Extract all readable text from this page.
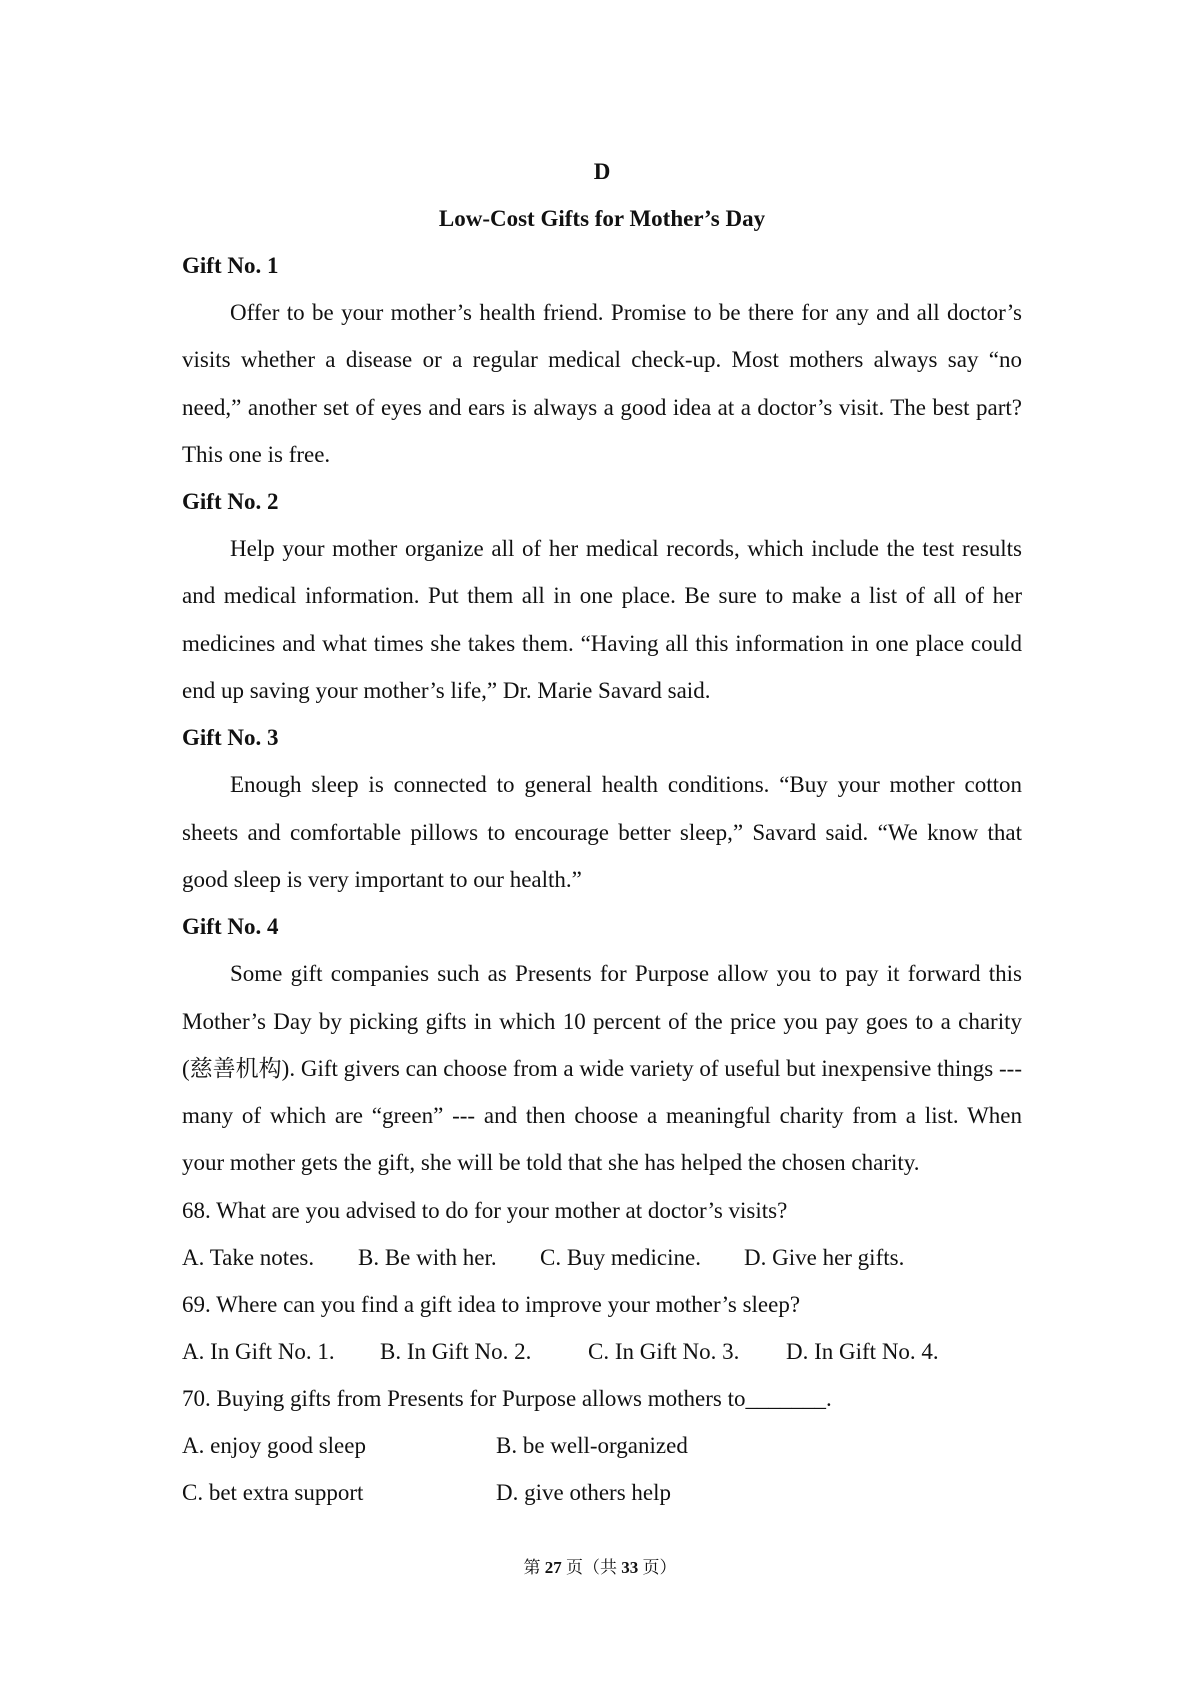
D
Low-Cost Gifts for Mother’s Day
Gift No. 1

Offer to be your mother’s health friend. Promise to be there for any and all doctor’s visits whether a disease or a regular medical check-up. Most mothers always say “no need,” another set of eyes and ears is always a good idea at a doctor’s visit. The best part? This one is free.

Gift No. 2

Help your mother organize all of her medical records, which include the test results and medical information. Put them all in one place. Be sure to make a list of all of her medicines and what times she takes them. “Having all this information in one place could end up saving your mother’s life,” Dr. Marie Savard said.

Gift No. 3

Enough sleep is connected to general health conditions. “Buy your mother cotton sheets and comfortable pillows to encourage better sleep,” Savard said. “We know that good sleep is very important to our health.”

Gift No. 4

Some gift companies such as Presents for Purpose allow you to pay it forward this Mother’s Day by picking gifts in which 10 percent of the price you pay goes to a charity (慈善机构). Gift givers can choose from a wide variety of useful but inexpensive things --- many of which are “green” --- and then choose a meaningful charity from a list. When your mother gets the gift, she will be told that she has helped the chosen charity.

68. What are you advised to do for your mother at doctor’s visits?
A. Take notes. B. Be with her. C. Buy medicine. D. Give her gifts.
69. Where can you find a gift idea to improve your mother’s sleep?
A. In Gift No. 1. B. In Gift No. 2. C. In Gift No. 3. D. In Gift No. 4.
70. Buying gifts from Presents for Purpose allows mothers to_______.
A. enjoy good sleep	B. be well-organized
C. bet extra support	D. give others help
第 27 页（共 33 页）
